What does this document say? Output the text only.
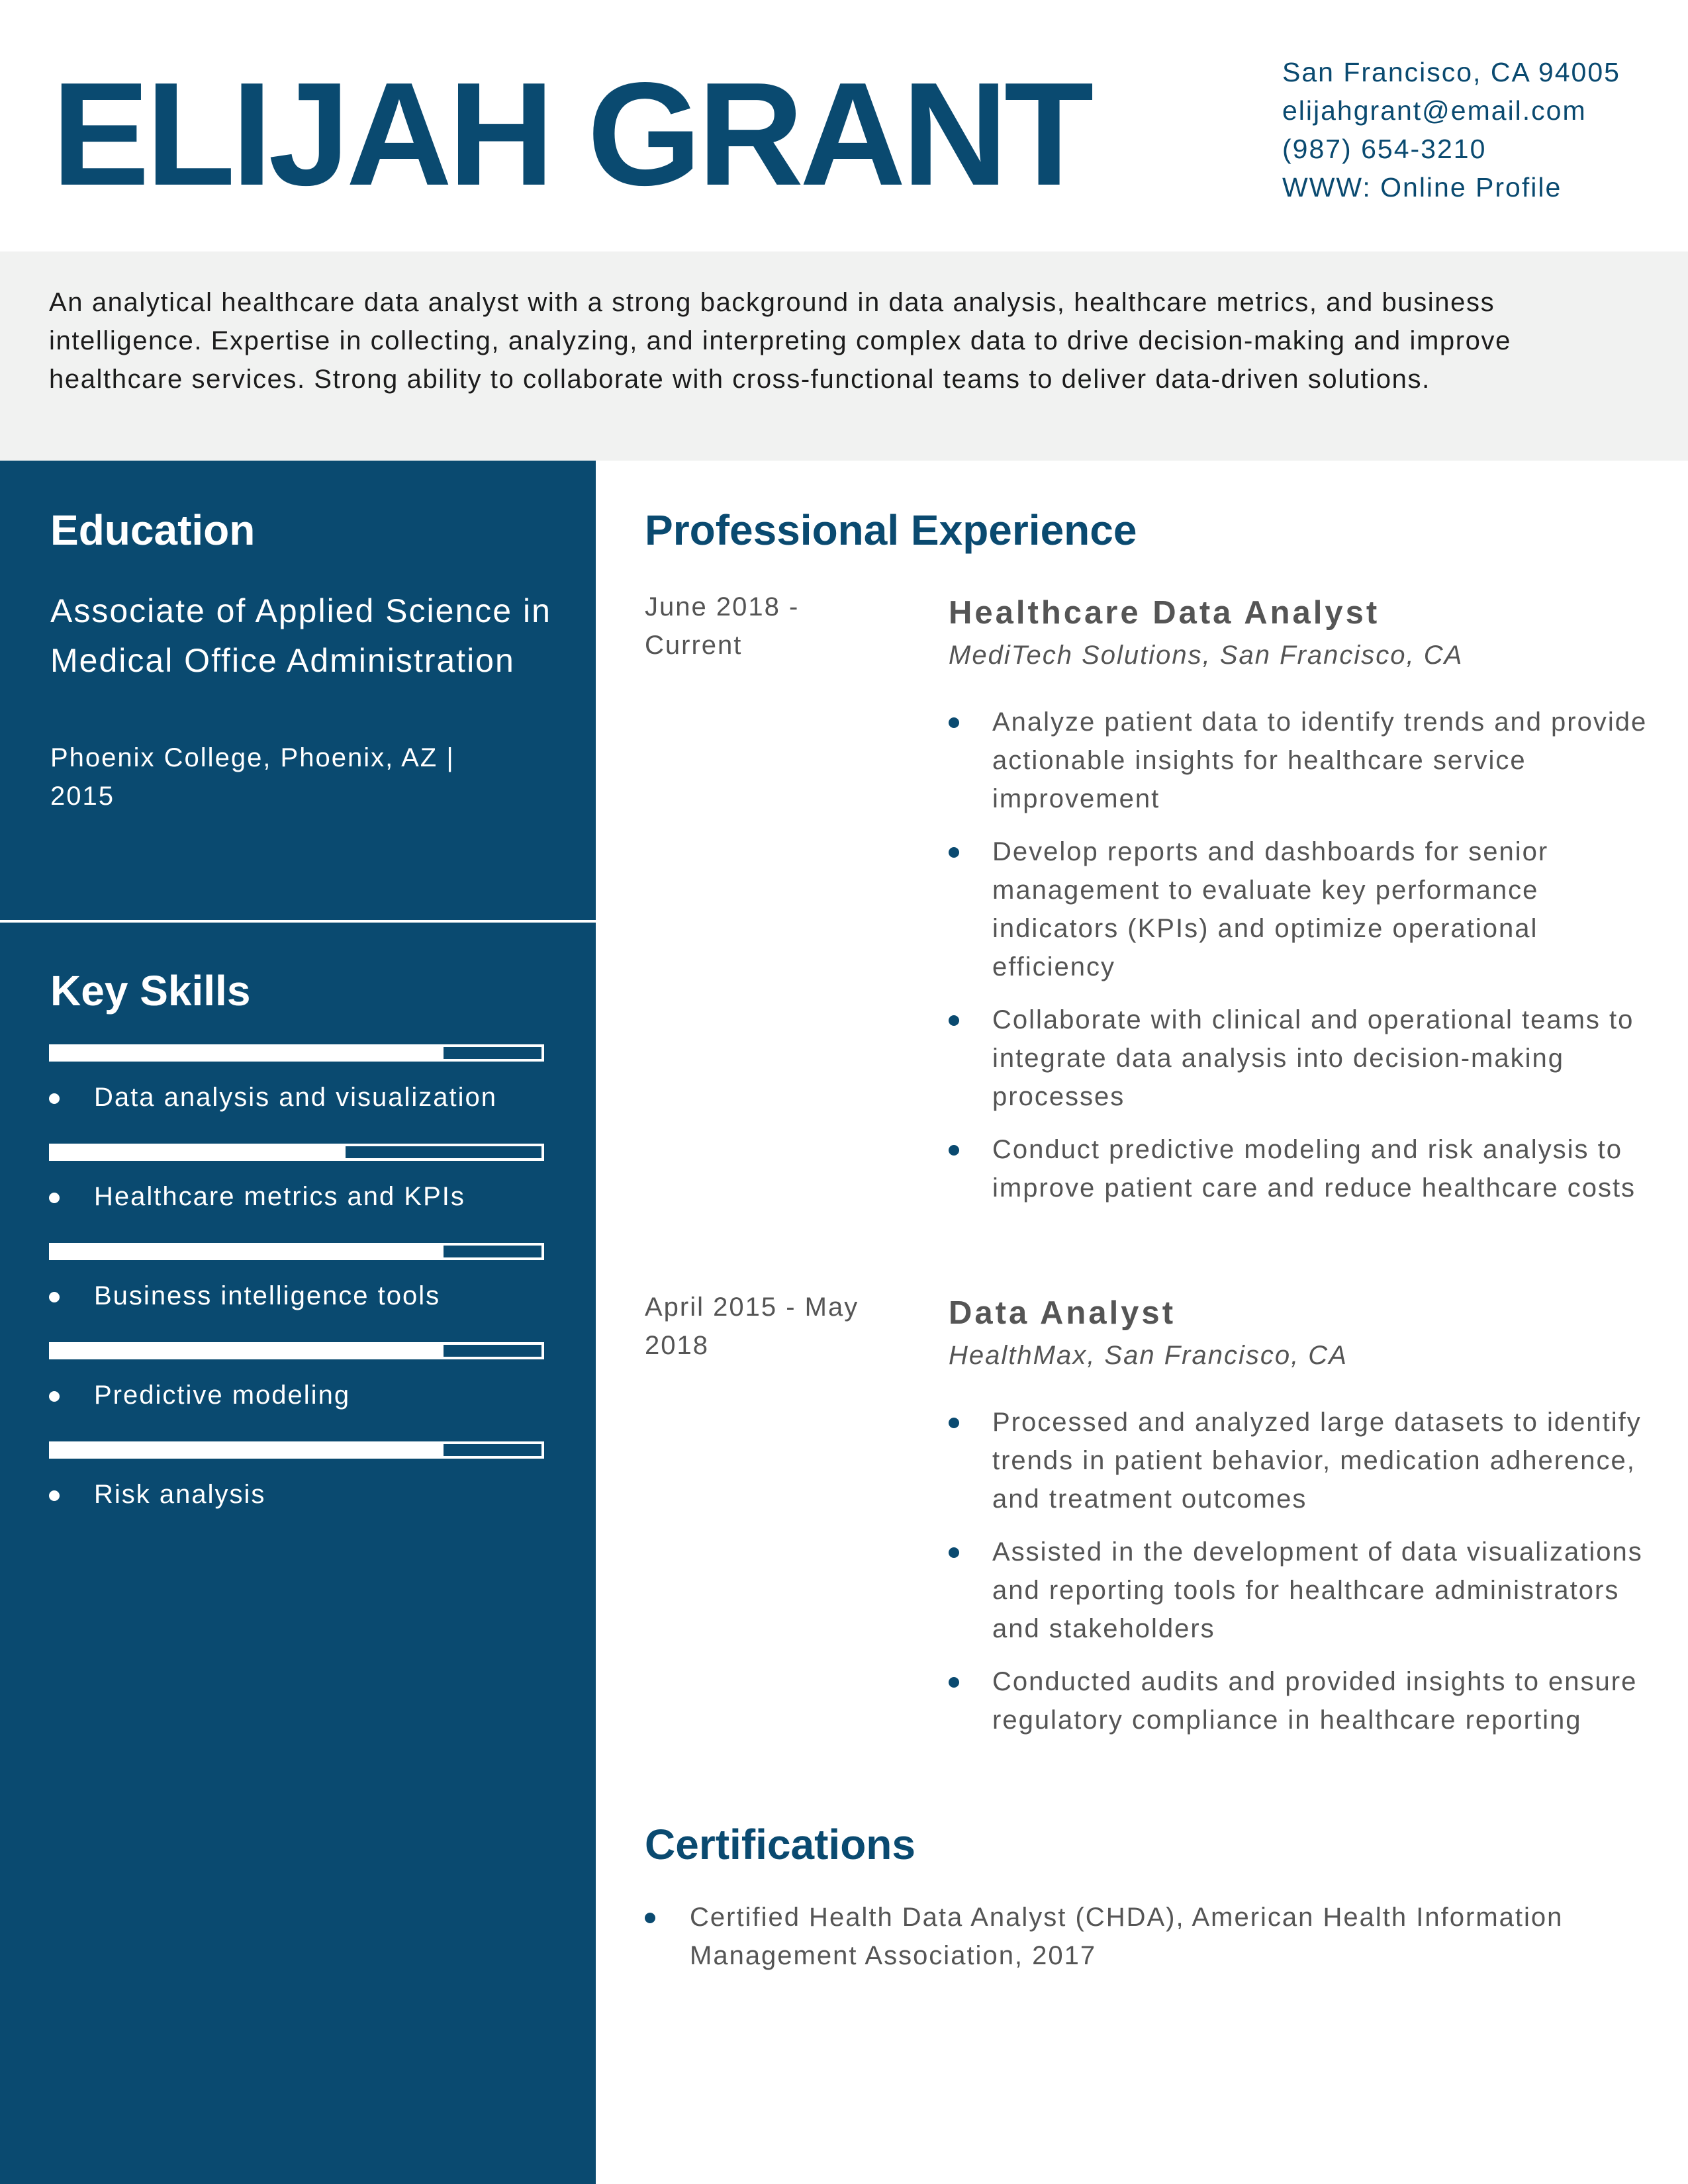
ELIJAH GRANT	San Francisco, CA 94005
elijahgrant@email.com
(987) 654-3210
WWW: Online Profile

An analytical healthcare data analyst with a strong background in data analysis, healthcare metrics, and business intelligence. Expertise in collecting, analyzing, and interpreting complex data to drive decision-making and improve healthcare services. Strong ability to collaborate with cross-functional teams to deliver data-driven solutions.

Education

Associate of Applied Science in Medical Office Administration

Phoenix College, Phoenix, AZ | 2015

Key Skills
Data analysis and visualization
Healthcare metrics and KPIs
Business intelligence tools
Predictive modeling
Risk analysis
Professional Experience
June 2018 - Current
Healthcare Data Analyst
MediTech Solutions, San Francisco, CA
Analyze patient data to identify trends and provide actionable insights for healthcare service improvement
Develop reports and dashboards for senior management to evaluate key performance indicators (KPIs) and optimize operational efficiency
Collaborate with clinical and operational teams to integrate data analysis into decision-making processes
Conduct predictive modeling and risk analysis to improve patient care and reduce healthcare costs
April 2015 - May 2018
Data Analyst
HealthMax, San Francisco, CA
Processed and analyzed large datasets to identify trends in patient behavior, medication adherence, and treatment outcomes
Assisted in the development of data visualizations and reporting tools for healthcare administrators and stakeholders
Conducted audits and provided insights to ensure regulatory compliance in healthcare reporting
Certifications
Certified Health Data Analyst (CHDA), American Health Information Management Association, 2017
